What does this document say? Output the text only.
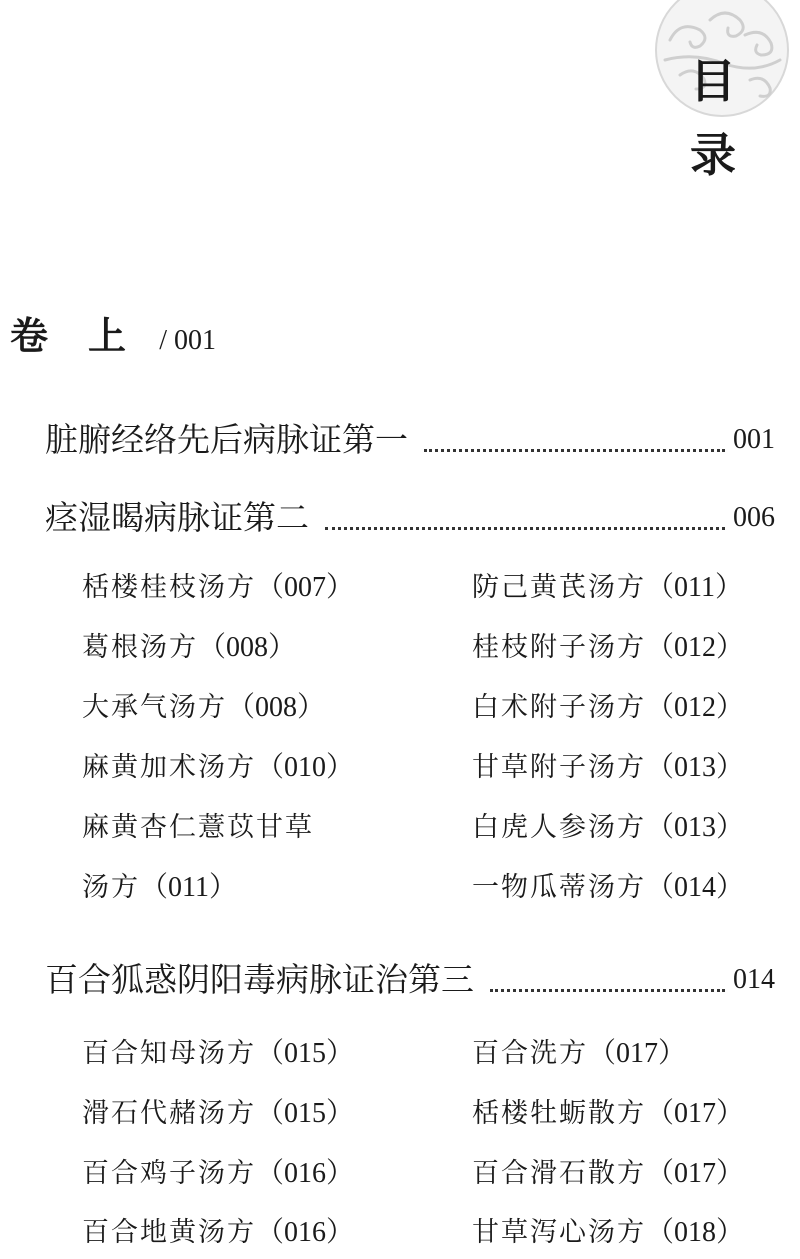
目
录
卷上 / 001
脏腑经络先后病脉证第一	001
痉湿暍病脉证第二	006
栝楼桂枝汤方（007）	防己黄芪汤方（011）
葛根汤方（008）	桂枝附子汤方（012）
大承气汤方（008）	白术附子汤方（012）
麻黄加术汤方（010）	甘草附子汤方（013）
麻黄杏仁薏苡甘草	白虎人参汤方（013）
汤方（011）	一物瓜蒂汤方（014）
百合狐惑阴阳毒病脉证治第三	014
百合知母汤方（015）	百合洗方（017）
滑石代赭汤方（015）	栝楼牡蛎散方（017）
百合鸡子汤方（016）	百合滑石散方（017）
百合地黄汤方（016）	甘草泻心汤方（018）
